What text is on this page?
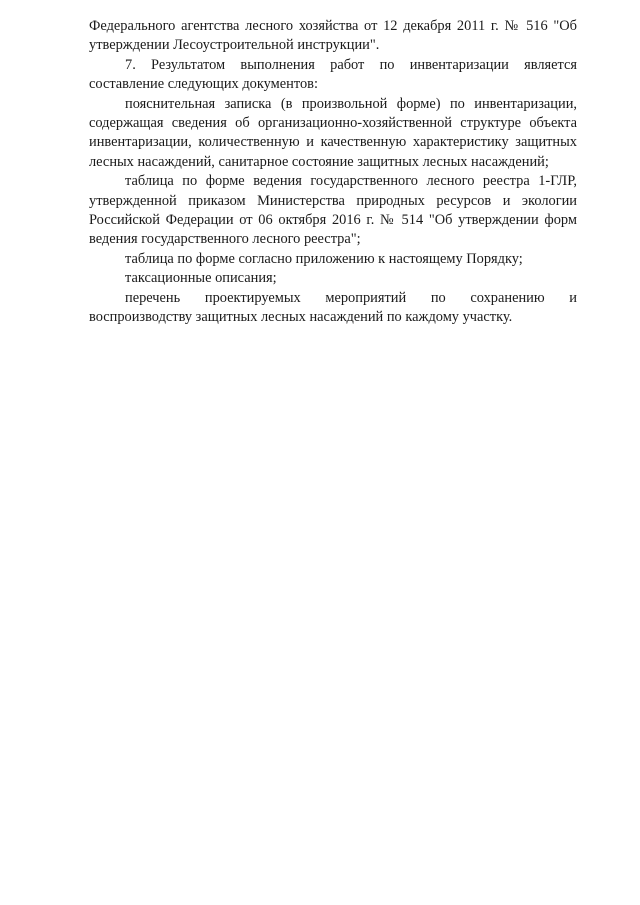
Федерального агентства лесного хозяйства от 12 декабря 2011 г. № 516 "Об утверждении Лесоустроительной инструкции".

7. Результатом выполнения работ по инвентаризации является составление следующих документов:

пояснительная записка (в произвольной форме) по инвентаризации, содержащая сведения об организационно-хозяйственной структуре объекта инвентаризации, количественную и качественную характеристику защитных лесных насаждений, санитарное состояние защитных лесных насаждений;

таблица по форме ведения государственного лесного реестра 1-ГЛР, утвержденной приказом Министерства природных ресурсов и экологии Российской Федерации от 06 октября 2016 г. № 514 "Об утверждении форм ведения государственного лесного реестра";

таблица по форме согласно приложению к настоящему Порядку;

таксационные описания;

перечень проектируемых мероприятий по сохранению и воспроизводству защитных лесных насаждений по каждому участку.
